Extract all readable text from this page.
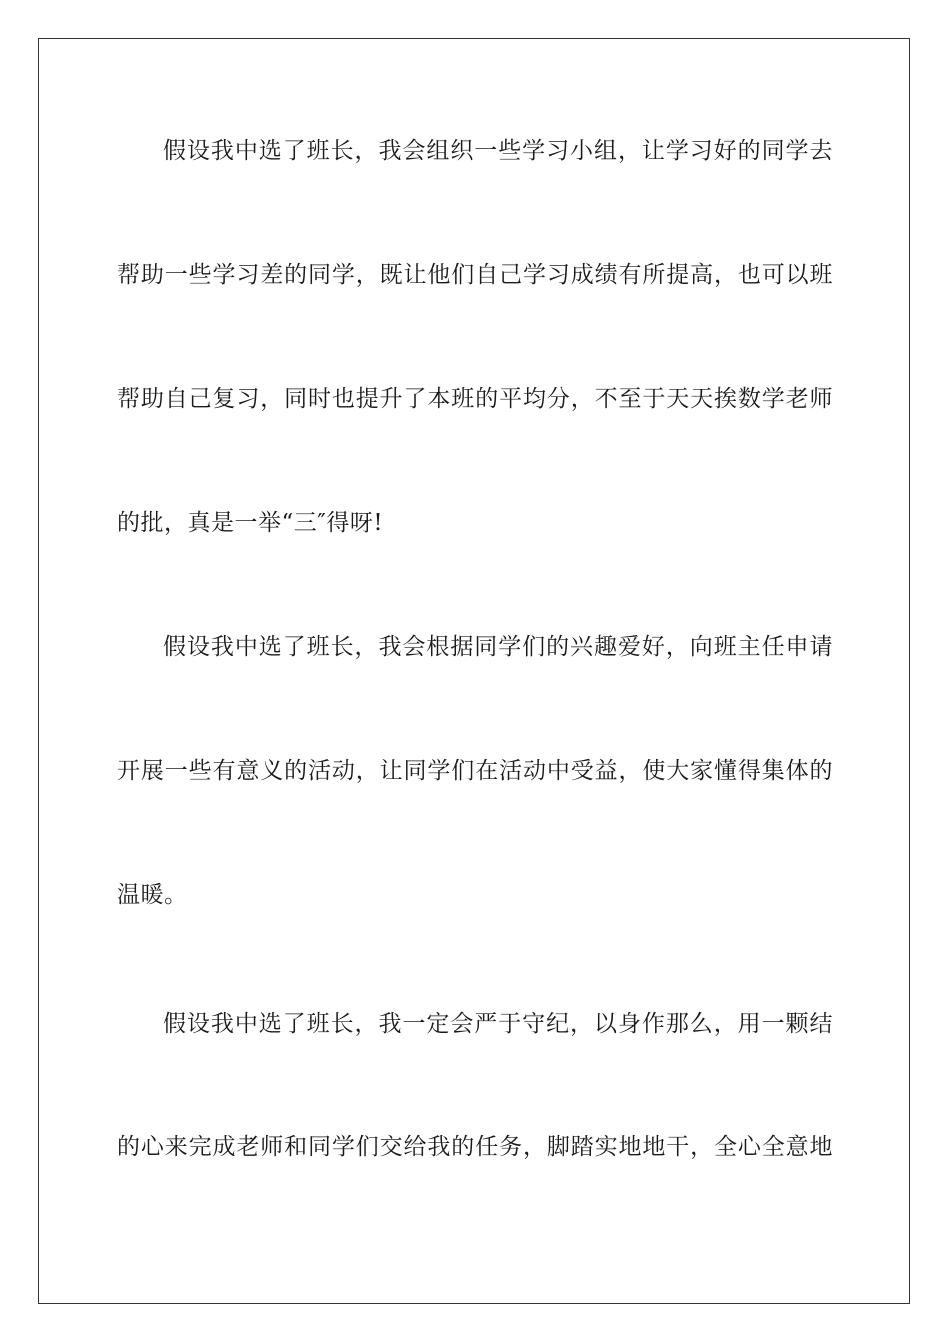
假设我中选了班长，我会组织一些学习小组，让学习好的同学去
帮助一些学习差的同学，既让他们自己学习成绩有所提高，也可以班
帮助自己复习，同时也提升了本班的平均分，不至于天天挨数学老师
的批，真是一举“三″得呀!
假设我中选了班长，我会根据同学们的兴趣爱好，向班主任申请
开展一些有意义的活动，让同学们在活动中受益，使大家懂得集体的
温暖。
假设我中选了班长，我一定会严于守纪，以身作那么，用一颗结
的心来完成老师和同学们交给我的任务，脚踏实地地干，全心全意地
